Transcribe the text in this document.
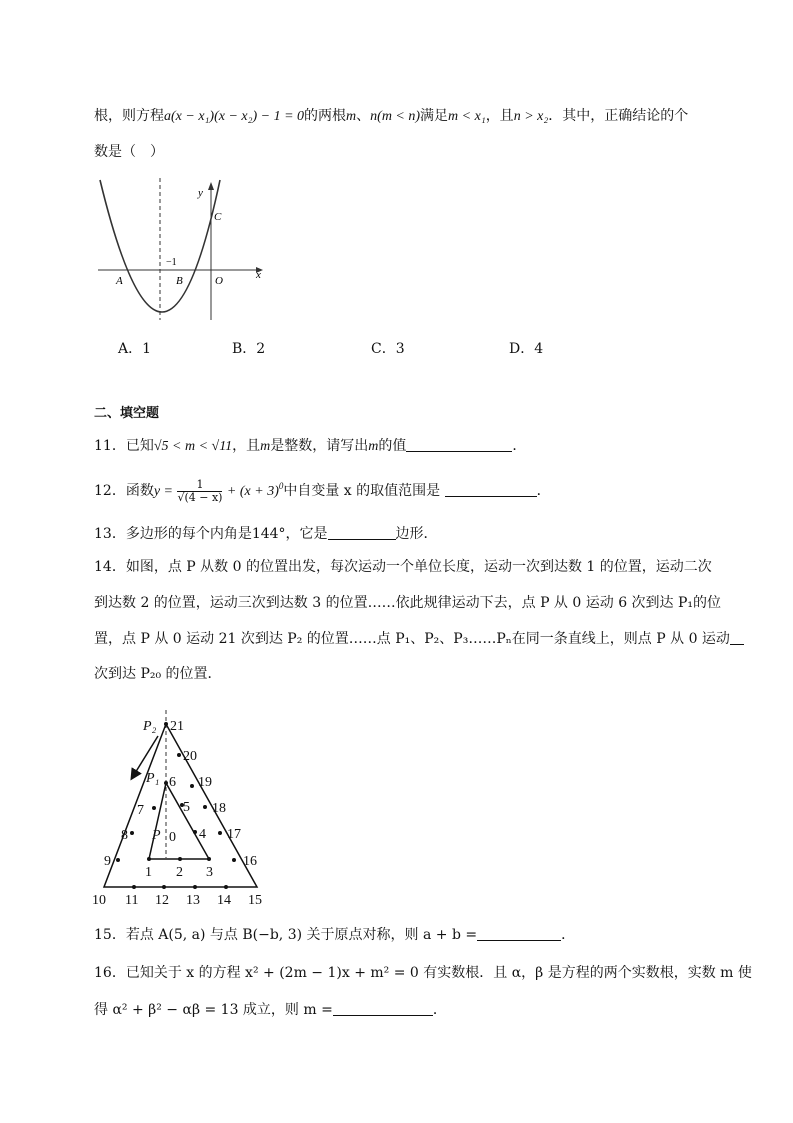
根，则方程a(x − x₁)(x − x₂) − 1 = 0的两根m、n(m < n)满足m < x₁，且n > x₂．其中，正确结论的个
数是（　）
y
x
C
−1
A	B	O
A．1	B．2	C．3	D．4
二、填空题
11．已知√5 < m < √11，且m是整数，请写出m的值	．
12．函数$y = \frac{1}{√(4 - x)} + (x + 3)^0$中自变量 x 的取值范围是	．
13．多边形的每个内角是144°，它是	边形．
14．如图，点 P 从数 0 的位置出发，每次运动一个单位长度，运动一次到达数 1 的位置，运动二次
到达数 2 的位置，运动三次到达数 3 的位置……依此规律运动下去，点 P 从 0 运动 6 次到达 P₁的位
置，点 P 从 0 运动 21 次到达 P₂ 的位置……点 P₁、P₂、P₃……Pₙ在同一条直线上，则点 P 从 0 运动
次到达 P₂₀ 的位置．
P₂ 21
20
P₁ 6 19
7	5 18
8 P 0 4 17
9
1 2 3
16
10 11 12 13 14 15
15．若点 A(5, a) 与点 B(−b, 3) 关于原点对称，则 a + b =	．
16．已知关于 x 的方程 x² + (2m − 1)x + m² = 0 有实数根．且 α，β 是方程的两个实数根，实数 m 使
得 α² + β² − αβ = 13 成立，则 m =	．
